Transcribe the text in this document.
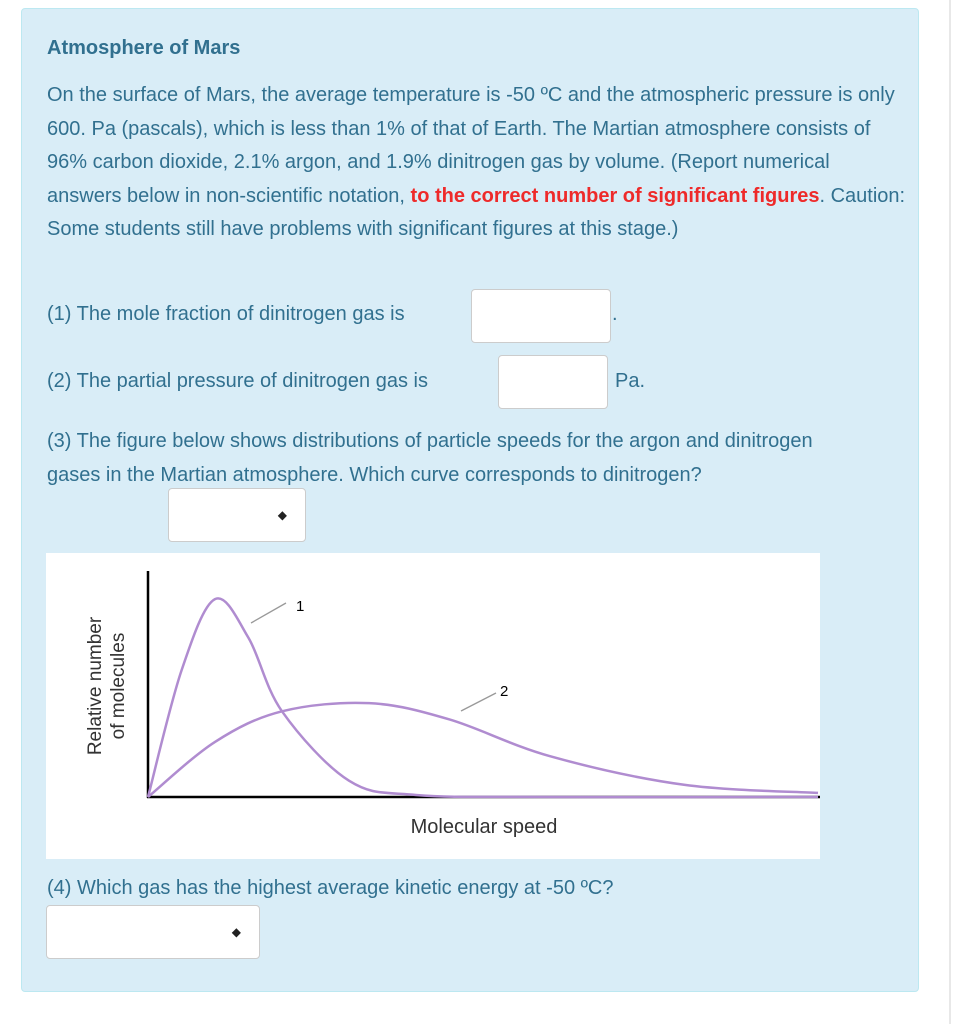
Atmosphere of Mars
On the surface of Mars, the average temperature is -50 ºC and the atmospheric pressure is only 600. Pa (pascals), which is less than 1% of that of Earth. The Martian atmosphere consists of 96% carbon dioxide, 2.1% argon, and 1.9% dinitrogen gas by volume. (Report numerical answers below in non-scientific notation, to the correct number of significant figures. Caution: Some students still have problems with significant figures at this stage.)
(1) The mole fraction of dinitrogen gas is	.
(2) The partial pressure of dinitrogen gas is	Pa.
(3) The figure below shows distributions of particle speeds for the argon and dinitrogen gases in the Martian atmosphere. Which curve corresponds to dinitrogen?
◆
1
2
Molecular speed
Relative number of molecules
(4) Which gas has the highest average kinetic energy at -50 ºC?
◆
